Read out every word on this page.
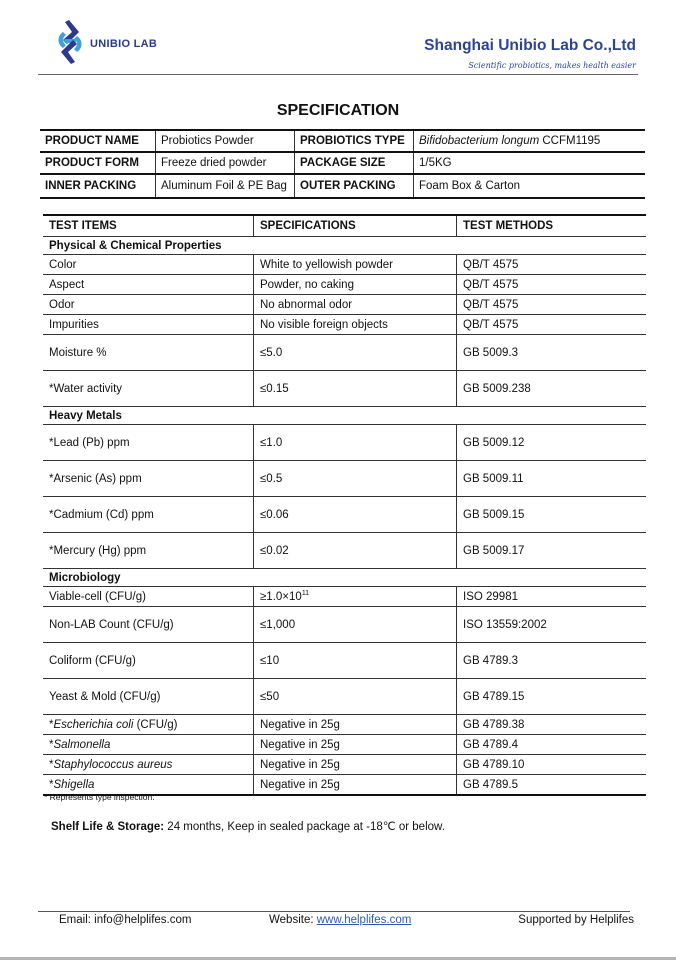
UNIBIO LAB	Shanghai Unibio Lab Co.,Ltd
Scientific probiotics, makes health easier
SPECIFICATION
PRODUCT NAME	Probiotics Powder	PROBIOTICS TYPE	Bifidobacterium longum CCFM1195
PRODUCT FORM	Freeze dried powder	PACKAGE SIZE	1/5KG
INNER PACKING	Aluminum Foil & PE Bag	OUTER PACKING	Foam Box & Carton
TEST ITEMS	SPECIFICATIONS	TEST METHODS
Physical & Chemical Properties		
Color	White to yellowish powder	QB/T 4575
Aspect	Powder, no caking	QB/T 4575
Odor	No abnormal odor	QB/T 4575
Impurities	No visible foreign objects	QB/T 4575
Moisture %	≤5.0	GB 5009.3
*Water activity	≤0.15	GB 5009.238
Heavy Metals		
*Lead (Pb) ppm	≤1.0	GB 5009.12
*Arsenic (As) ppm	≤0.5	GB 5009.11
*Cadmium (Cd) ppm	≤0.06	GB 5009.15
*Mercury (Hg) ppm	≤0.02	GB 5009.17
Microbiology		
Viable-cell (CFU/g)	$\ge 1.0\times 10^{11}$	ISO 29981
Non-LAB Count (CFU/g)	≤1,000	ISO 13559:2002
Coliform (CFU/g)	≤10	GB 4789.3
Yeast & Mold (CFU/g)	≤50	GB 4789.15
*Escherichia coli (CFU/g)	Negative in 25g	GB 4789.38
*Salmonella	Negative in 25g	GB 4789.4
*Staphylococcus aureus	Negative in 25g	GB 4789.10
*Shigella	Negative in 25g	GB 4789.5
* Represents type inspection.
Shelf Life & Storage: 24 months, Keep in sealed package at -18℃ or below.
Email: info@helplifes.com	Website: www.helplifes.com	Supported by Helplifes
